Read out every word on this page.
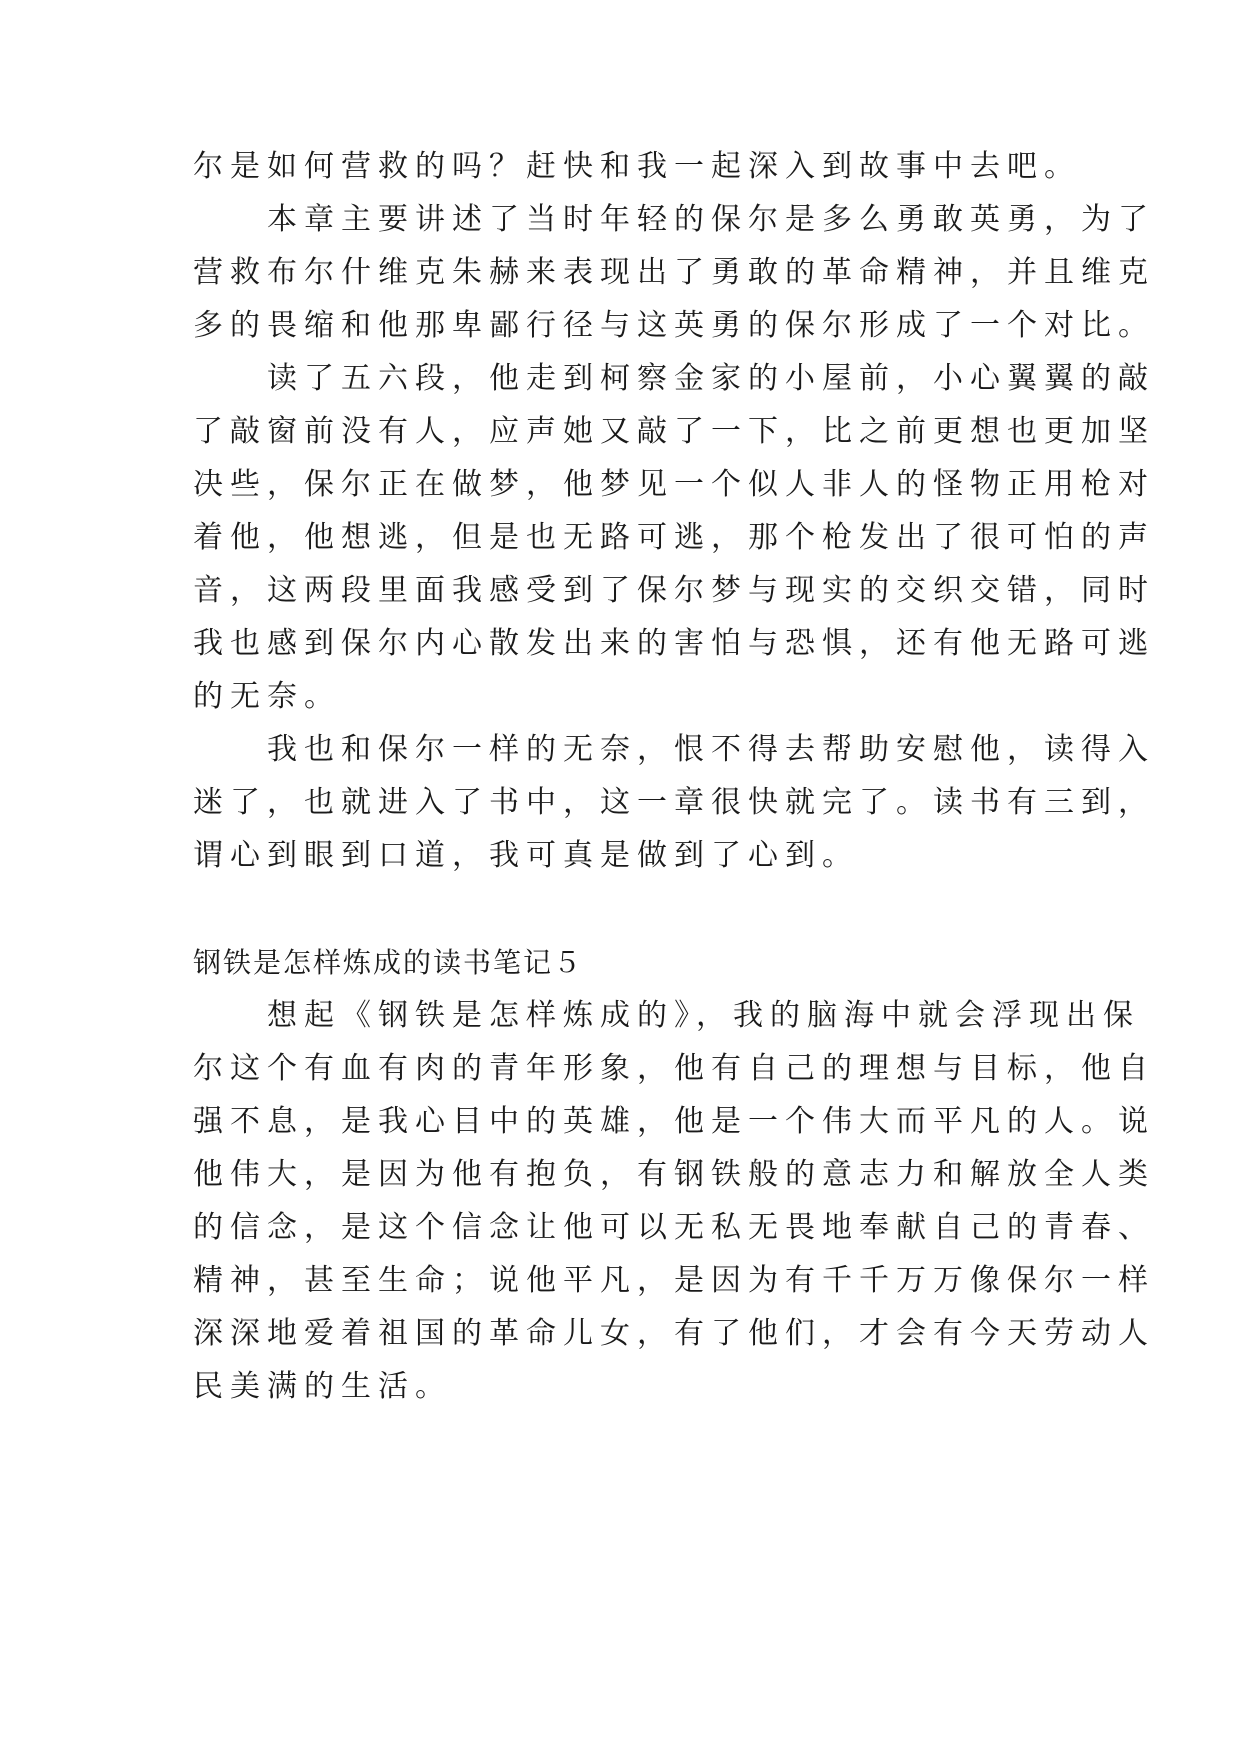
尔是如何营救的吗？赶快和我一起深入到故事中去吧。
　　本章主要讲述了当时年轻的保尔是多么勇敢英勇，为了
营救布尔什维克朱赫来表现出了勇敢的革命精神，并且维克
多的畏缩和他那卑鄙行径与这英勇的保尔形成了一个对比。
　　读了五六段，他走到柯察金家的小屋前，小心翼翼的敲
了敲窗前没有人，应声她又敲了一下，比之前更想也更加坚
决些，保尔正在做梦，他梦见一个似人非人的怪物正用枪对
着他，他想逃，但是也无路可逃，那个枪发出了很可怕的声
音，这两段里面我感受到了保尔梦与现实的交织交错，同时
我也感到保尔内心散发出来的害怕与恐惧，还有他无路可逃
的无奈。
　　我也和保尔一样的无奈，恨不得去帮助安慰他，读得入
迷了，也就进入了书中，这一章很快就完了。读书有三到，
谓心到眼到口道，我可真是做到了心到。
钢铁是怎样炼成的读书笔记５
　　想起《钢铁是怎样炼成的》，我的脑海中就会浮现出保
尔这个有血有肉的青年形象，他有自己的理想与目标，他自
强不息，是我心目中的英雄，他是一个伟大而平凡的人。说
他伟大，是因为他有抱负，有钢铁般的意志力和解放全人类
的信念，是这个信念让他可以无私无畏地奉献自己的青春、
精神，甚至生命；说他平凡，是因为有千千万万像保尔一样
深深地爱着祖国的革命儿女，有了他们，才会有今天劳动人
民美满的生活。
